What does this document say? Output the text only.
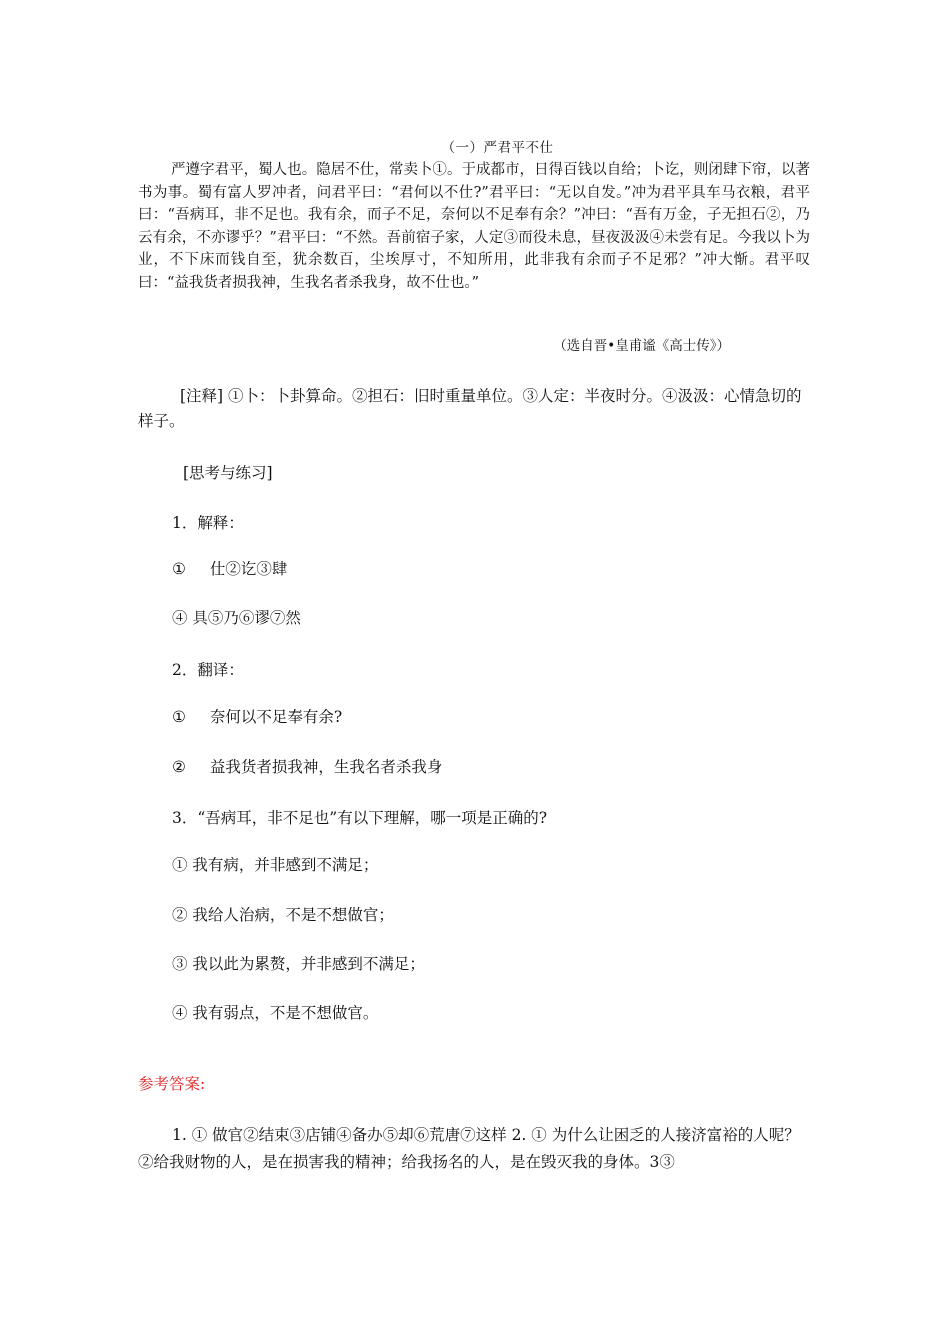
（一）严君平不仕

严遵字君平，蜀人也。隐居不仕，常卖卜①。于成都市，日得百钱以自给；卜讫，则闭肆下帘，以著书为事。蜀有富人罗冲者，问君平曰：“君何以不仕?”君平曰：“无以自发。”冲为君平具车马衣粮，君平曰：“吾病耳，非不足也。我有余，而子不足，奈何以不足奉有余？”冲曰：“吾有万金，子无担石②，乃云有余，不亦谬乎？”君平曰：“不然。吾前宿子家，人定③而役未息，昼夜汲汲④未尝有足。今我以卜为业，不下床而钱自至，犹余数百，尘埃厚寸，不知所用，此非我有余而子不足邪？”冲大惭。君平叹曰：“益我货者损我神，生我名者杀我身，故不仕也。”

（选自晋•皇甫谧《高士传》）

[注释] ①卜：卜卦算命。②担石：旧时重量单位。③人定：半夜时分。④汲汲：心情急切的样子。

[思考与练习]
1．解释：
① 仕②讫③肆
④ 具⑤乃⑥谬⑦然
2．翻译：
① 奈何以不足奉有余?
② 益我货者损我神，生我名者杀我身
3．“吾病耳，非不足也”有以下理解，哪一项是正确的?
① 我有病，并非感到不满足；
② 我给人治病，不是不想做官；
③ 我以此为累赘，并非感到不满足；
④ 我有弱点，不是不想做官。
参考答案:

1. ① 做官②结束③店铺④备办⑤却⑥荒唐⑦这样 2. ① 为什么让困乏的人接济富裕的人呢？②给我财物的人，是在损害我的精神；给我扬名的人，是在毁灭我的身体。3③
